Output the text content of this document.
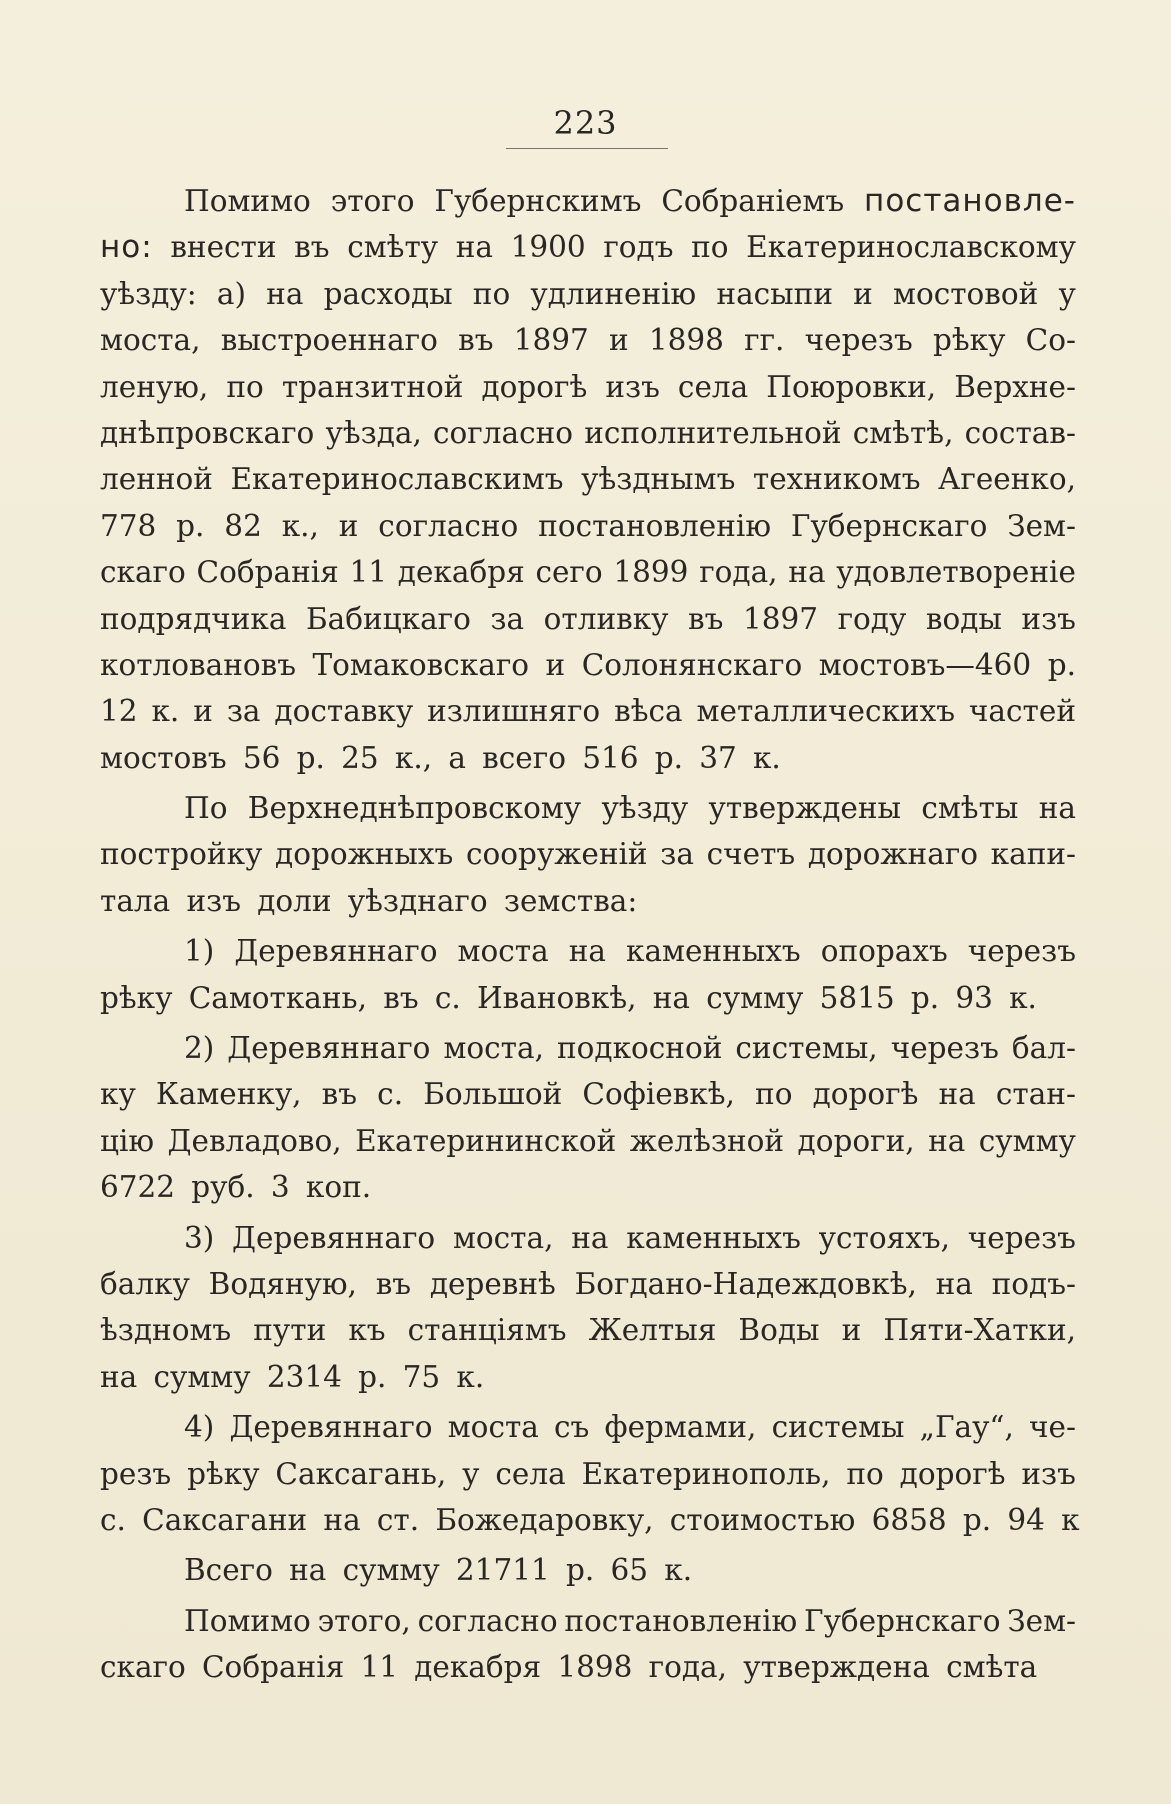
223
Помимо этого Губернскимъ Собраніемъ постановле-
но: внести въ смѣту на 1900 годъ по Екатеринославскому
уѣзду: а) на расходы по удлиненію насыпи и мостовой у
моста, выстроеннаго въ 1897 и 1898 гг. черезъ рѣку Со-
леную, по транзитной дорогѣ изъ села Поюровки, Верхне-
днѣпровскаго уѣзда, согласно исполнительной смѣтѣ, состав-
ленной Екатеринославскимъ уѣзднымъ техникомъ Агеенко,
778 р. 82 к., и согласно постановленію Губернскаго Зем-
скаго Собранія 11 декабря сего 1899 года, на удовлетвореніе
подрядчика Бабицкаго за отливку въ 1897 году воды изъ
котловановъ Томаковскаго и Солонянскаго мостовъ—460 р.
12 к. и за доставку излишняго вѣса металлическихъ частей
мостовъ 56 р. 25 к., а всего 516 р. 37 к.
По Верхнеднѣпровскому уѣзду утверждены смѣты на
постройку дорожныхъ сооруженій за счетъ дорожнаго капи-
тала изъ доли уѣзднаго земства:
1) Деревяннаго моста на каменныхъ опорахъ черезъ
рѣку Самоткань, въ с. Ивановкѣ, на сумму 5815 р. 93 к.
2) Деревяннаго моста, подкосной системы, черезъ бал-
ку Каменку, въ с. Большой Софіевкѣ, по дорогѣ на стан-
цію Девладово, Екатерининской желѣзной дороги, на сумму
6722 руб. 3 коп.
3) Деревяннаго моста, на каменныхъ устояхъ, черезъ
балку Водяную, въ деревнѣ Богдано-Надеждовкѣ, на подъ-
ѣздномъ пути къ станціямъ Желтыя Воды и Пяти-Хатки,
на сумму 2314 р. 75 к.
4) Деревяннаго моста съ фермами, системы „Гау“, че-
резъ рѣку Саксагань, у села Екатеринополь, по дорогѣ изъ
с. Саксагани на ст. Божедаровку, стоимостью 6858 р. 94 к
Всего на сумму 21711 р. 65 к.
Помимо этого, согласно постановленію Губернскаго Зем-
скаго Собранія 11 декабря 1898 года, утверждена смѣта
